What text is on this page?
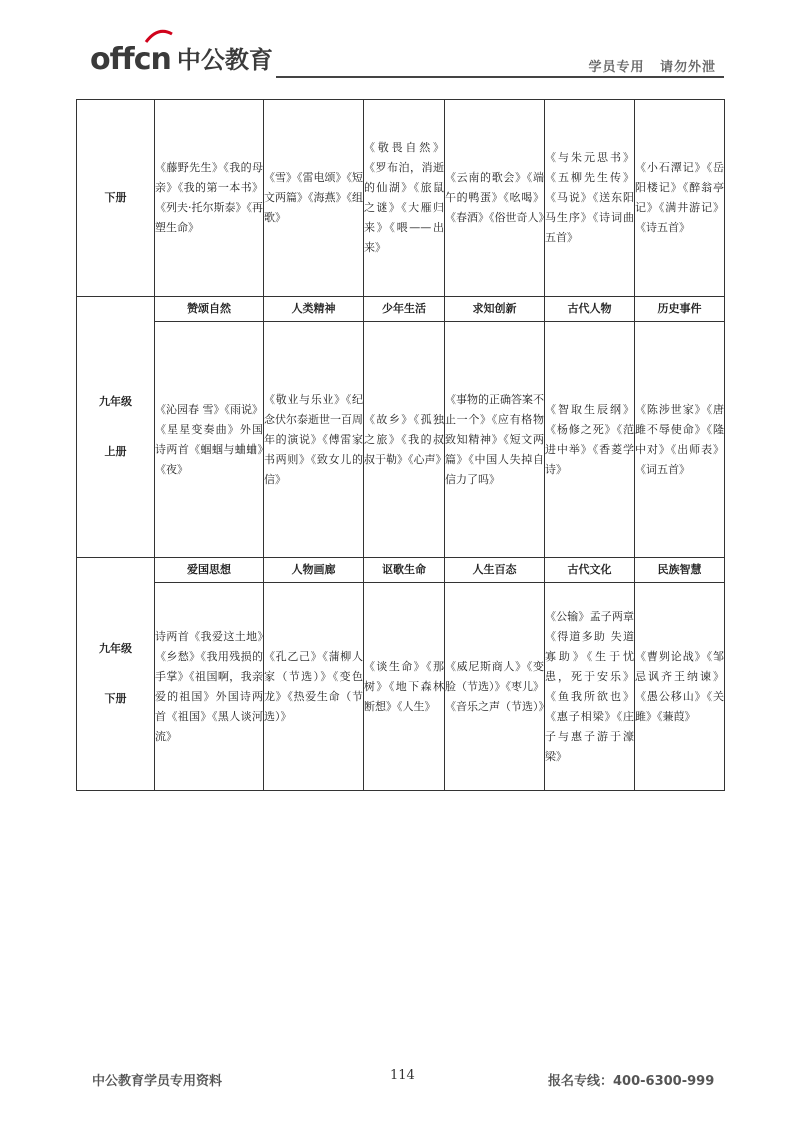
offcn 中公教育	学员专用 请勿外泄
下册	《藤野先生》《我的母亲》《我的第一本书》《列夫·托尔斯泰》《再塑生命》	《雪》《雷电颂》《短文两篇》《海燕》《组歌》	《敬畏自然》《罗布泊，消逝的仙湖》《旅鼠之谜》《大雁归来》《喂——出来》	《云南的歌会》《端午的鸭蛋》《吆喝》《春酒》《俗世奇人》	《与朱元思书》《五柳先生传》《马说》《送东阳马生序》《诗词曲五首》	《小石潭记》《岳阳楼记》《醉翁亭记》《满井游记》《诗五首》

九年级
上册	赞颂自然	人类精神	少年生活	求知创新	古代人物	历史事件
	《沁园春 雪》《雨说》《星星变奏曲》外国诗两首《蝈蝈与蛐蛐》《夜》	《敬业与乐业》《纪念伏尔泰逝世一百周年的演说》《傅雷家书两则》《致女儿的信》	《故乡》《孤独之旅》《我的叔叔于勒》《心声》	《事物的正确答案不止一个》《应有格物致知精神》《短文两篇》《中国人失掉自信力了吗》	《智取生辰纲》《杨修之死》《范进中举》《香菱学诗》	《陈涉世家》《唐雎不辱使命》《隆中对》《出师表》《词五首》

九年级
下册	爱国思想	人物画廊	讴歌生命	人生百态	古代文化	民族智慧
	诗两首《我爱这土地》《乡愁》《我用残损的手掌》《祖国啊，我亲爱的祖国》外国诗两首《祖国》《黑人谈河流》	《孔乙己》《蒲柳人家（节选）》《变色龙》《热爱生命（节选）》	《谈生命》《那树》《地下森林断想》《人生》	《威尼斯商人》《变脸（节选）》《枣儿》《音乐之声（节选）》	《公输》孟子两章《得道多助 失道寡助》《生于忧患，死于安乐》《鱼我所欲也》《惠子相梁》《庄子与惠子游于濠梁》	《曹刿论战》《邹忌讽齐王纳谏》《愚公移山》《关雎》《蒹葭》
中公教育学员专用资料	114	报名专线：400-6300-999
